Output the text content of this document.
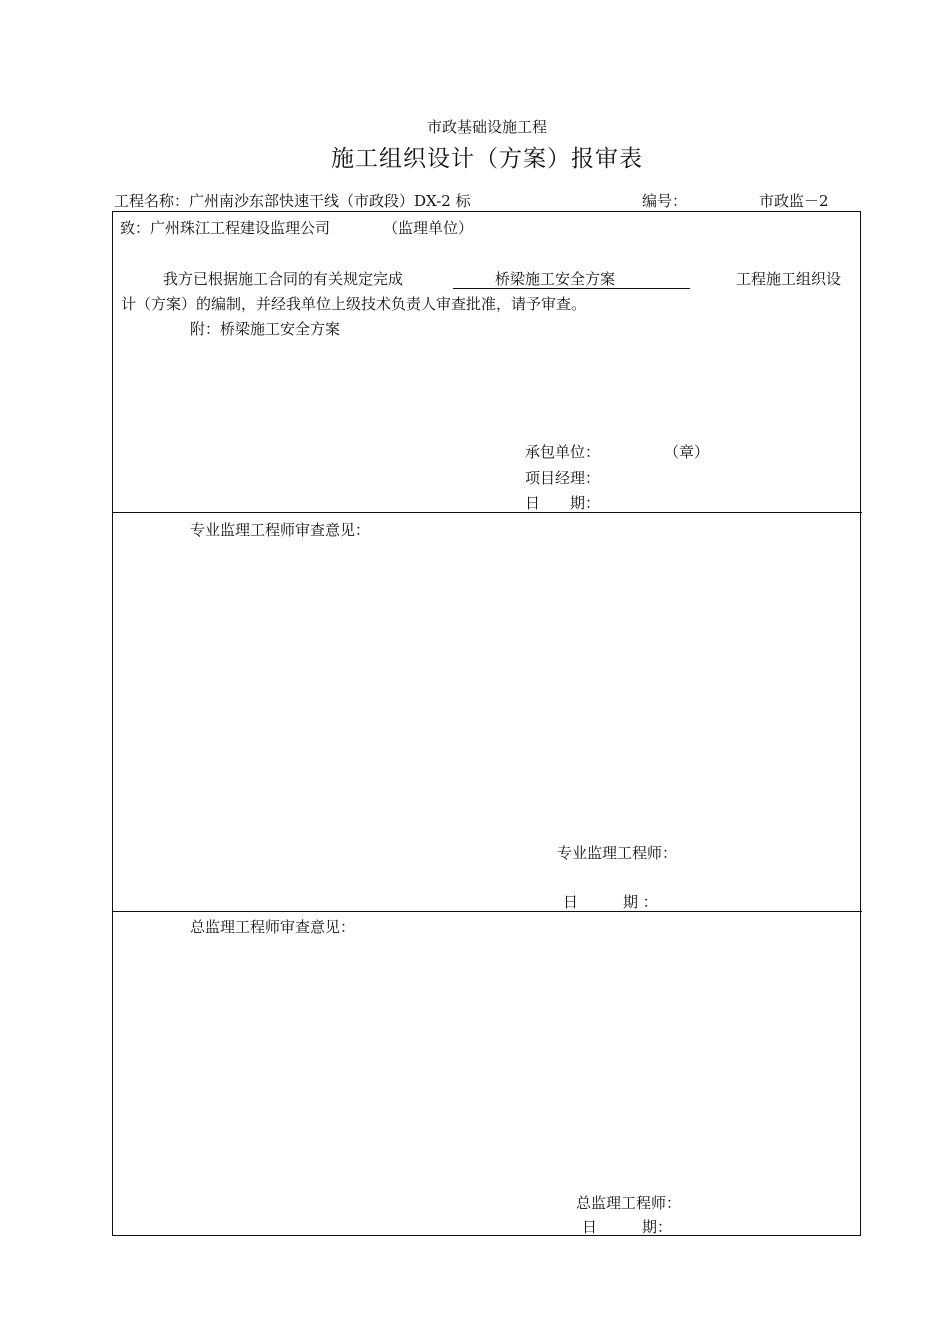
市政基础设施工程
施工组织设计（方案）报审表
工程名称：广州南沙东部快速干线（市政段）DX-2 标	编号：	市政监－2
致：广州珠江工程建设监理公司	（监理单位）
我方已根据施工合同的有关规定完成	桥梁施工安全方案	工程施工组织设
计（方案）的编制，并经我单位上级技术负责人审查批准，请予审查。
附：桥梁施工安全方案
承包单位：	（章）
项目经理：
日　　期：
专业监理工程师审查意见：
专业监理工程师：
日　　　期 ：
总监理工程师审查意见：
总监理工程师：
日　　　期：
